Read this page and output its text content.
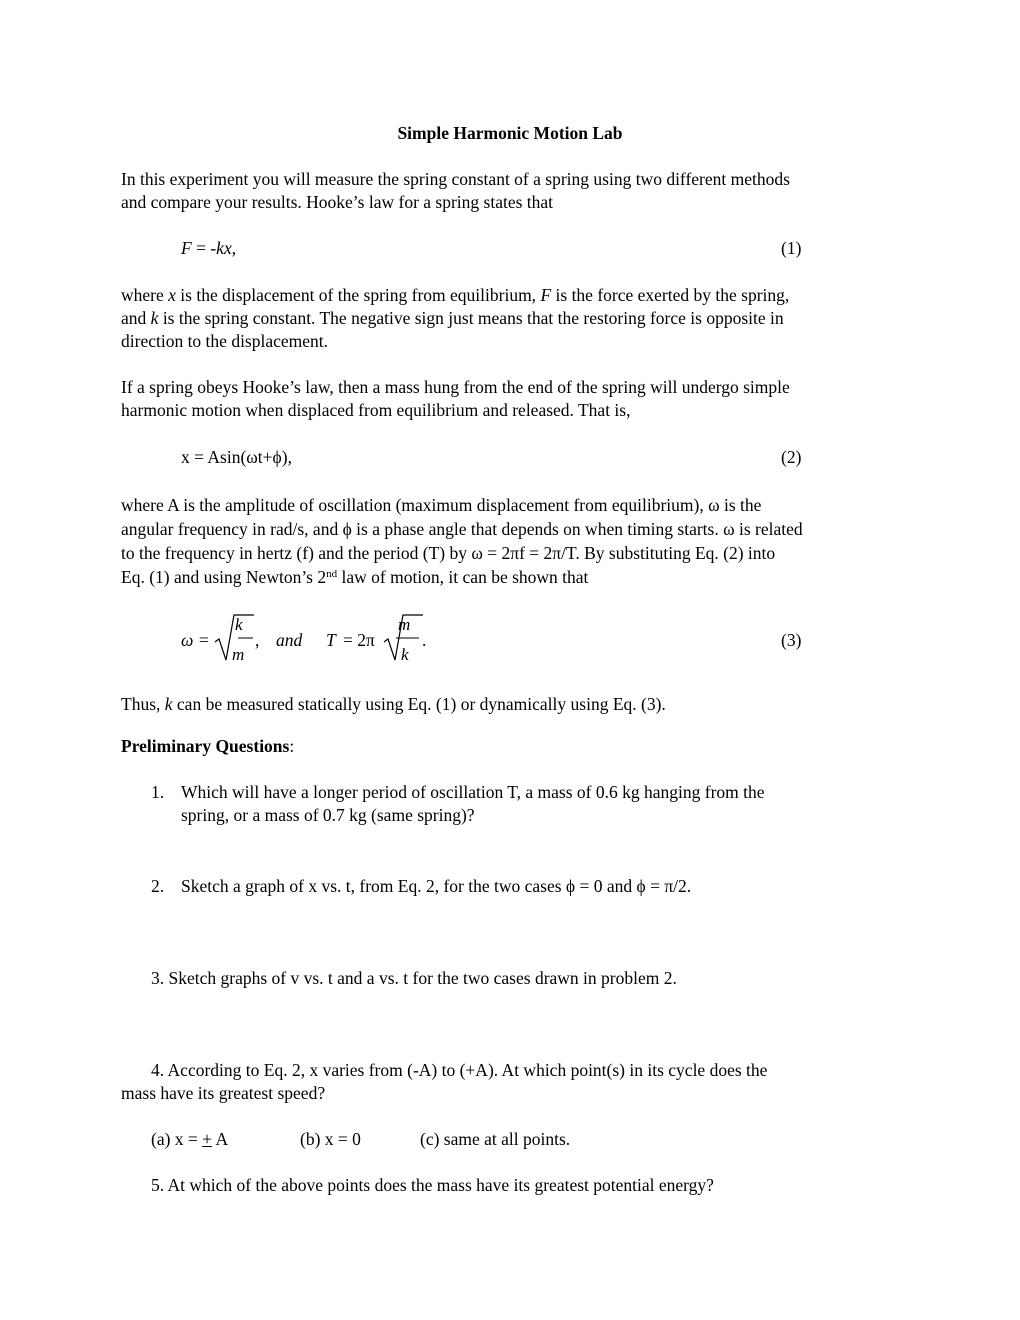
Simple Harmonic Motion Lab
In this experiment you will measure the spring constant of a spring using two different methods
and compare your results. Hooke’s law for a spring states that
F = -kx,	(1)
where x is the displacement of the spring from equilibrium, F is the force exerted by the spring,
and k is the spring constant. The negative sign just means that the restoring force is opposite in
direction to the displacement.
If a spring obeys Hooke’s law, then a mass hung from the end of the spring will undergo simple
harmonic motion when displaced from equilibrium and released. That is,
x = Asin(ωt+ϕ),	(2)
where A is the amplitude of oscillation (maximum displacement from equilibrium), ω is the
angular frequency in rad/s, and ϕ is a phase angle that depends on when timing starts. ω is related
to the frequency in hertz (f) and the period (T) by ω = 2πf = 2π/T. By substituting Eq. (2) into
Eq. (1) and using Newton’s 2nd law of motion, it can be shown that
ω =
k
m
, and T = 2π
m
k
.	(3)
Thus, k can be measured statically using Eq. (1) or dynamically using Eq. (3).
Preliminary Questions:
1. Which will have a longer period of oscillation T, a mass of 0.6 kg hanging from the
spring, or a mass of 0.7 kg (same spring)?
2. Sketch a graph of x vs. t, from Eq. 2, for the two cases ϕ = 0 and ϕ = π/2.
3. Sketch graphs of v vs. t and a vs. t for the two cases drawn in problem 2.
4. According to Eq. 2, x varies from (-A) to (+A). At which point(s) in its cycle does the
mass have its greatest speed?
(a) x = + A	(b) x = 0	(c) same at all points.
5. At which of the above points does the mass have its greatest potential energy?
